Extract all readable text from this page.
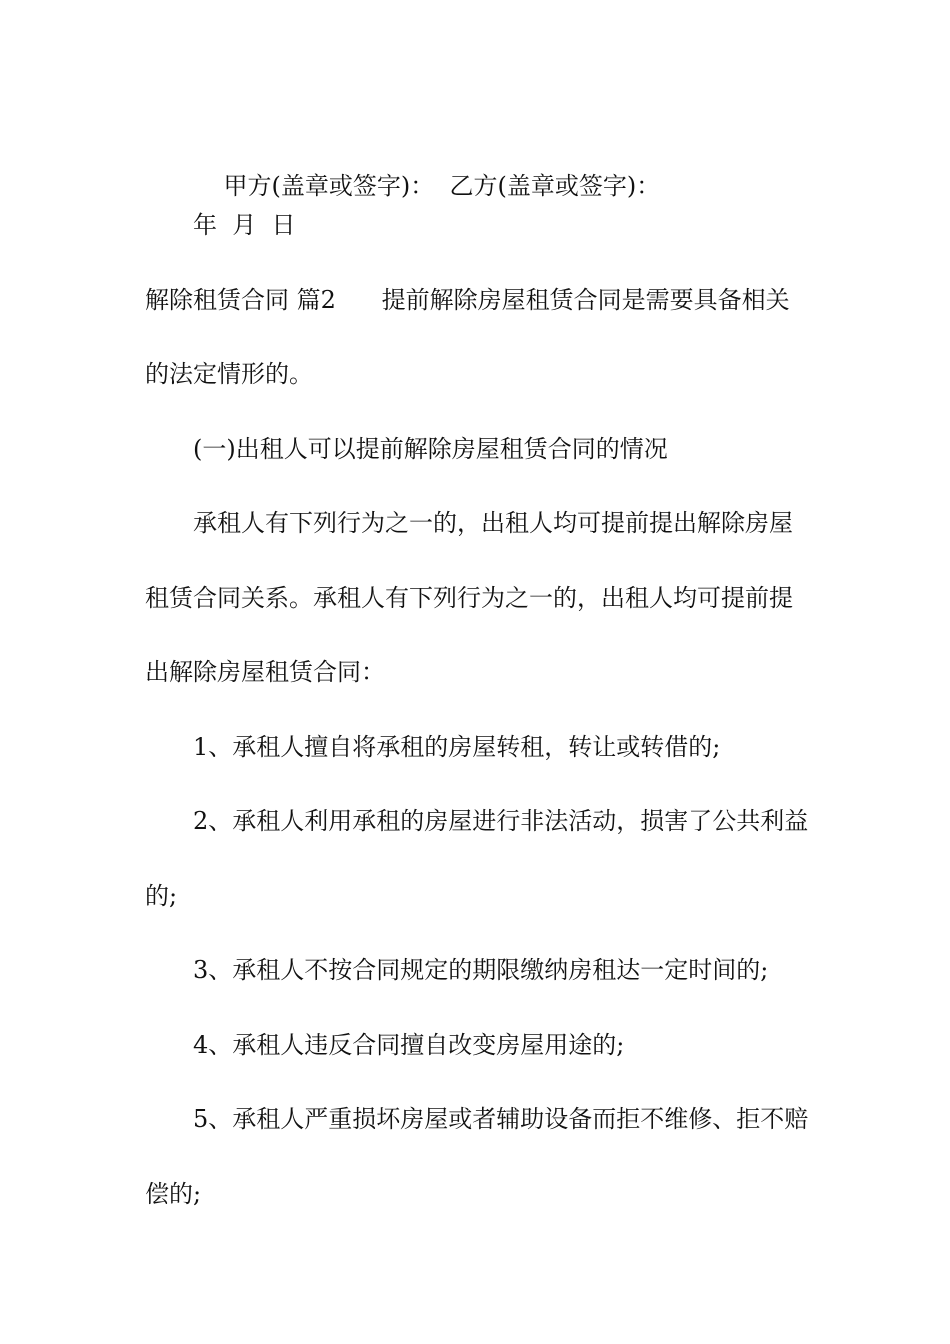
甲方(盖章或签字)： 乙方(盖章或签字)：

年  月  日
解除租赁合同 篇2      提前解除房屋租赁合同是需要具备相关
的法定情形的。
(一)出租人可以提前解除房屋租赁合同的情况
承租人有下列行为之一的，出租人均可提前提出解除房屋
租赁合同关系。承租人有下列行为之一的，出租人均可提前提
出解除房屋租赁合同：
1、承租人擅自将承租的房屋转租，转让或转借的;
2、承租人利用承租的房屋进行非法活动，损害了公共利益
的;
3、承租人不按合同规定的期限缴纳房租达一定时间的;
4、承租人违反合同擅自改变房屋用途的;
5、承租人严重损坏房屋或者辅助设备而拒不维修、拒不赔
偿的;
